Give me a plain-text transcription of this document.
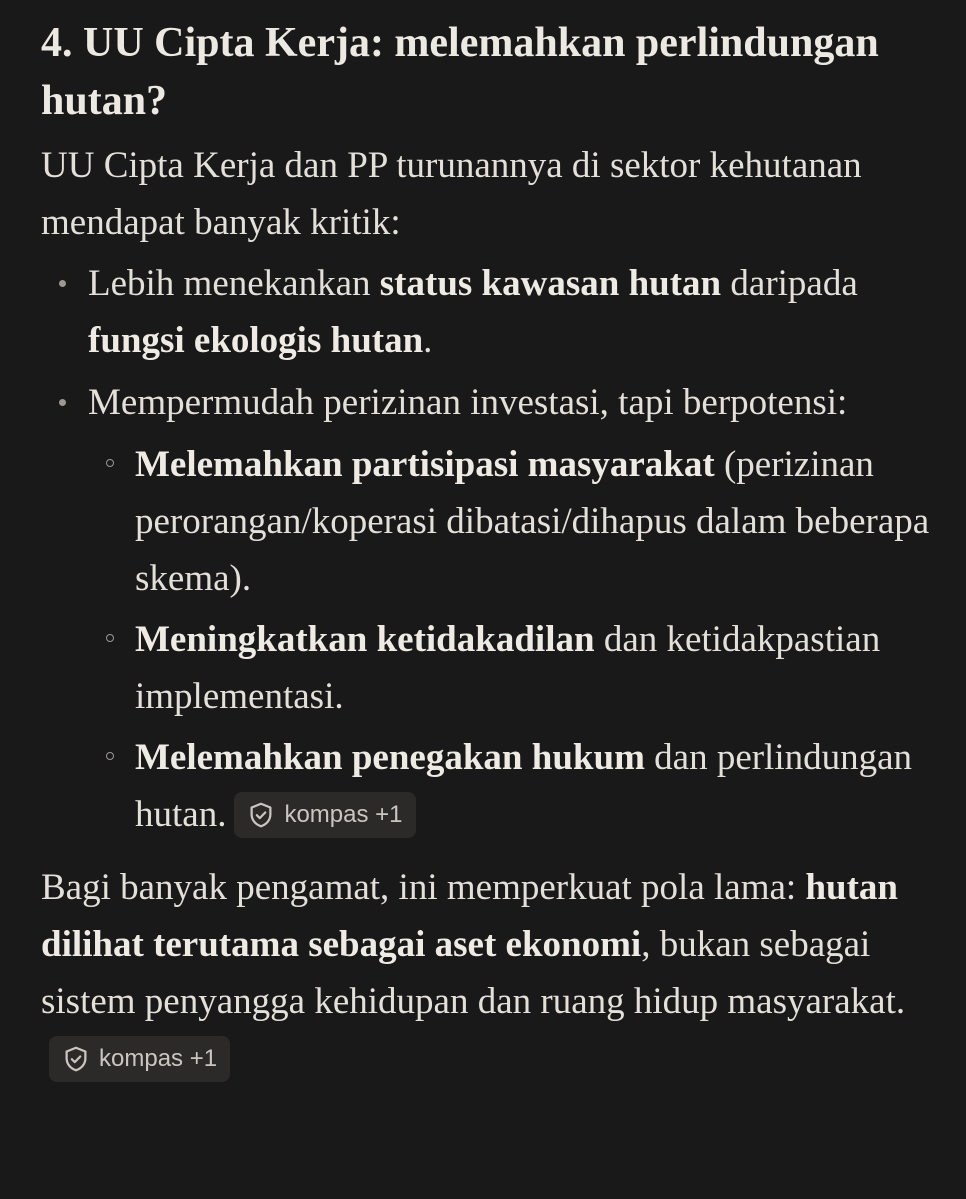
4. UU Cipta Kerja: melemahkan perlindungan hutan?

UU Cipta Kerja dan PP turunannya di sektor kehutanan mendapat banyak kritik:

Lebih menekankan status kawasan hutan daripada fungsi ekologis hutan.
Mempermudah perizinan investasi, tapi berpotensi:
Melemahkan partisipasi masyarakat (perizinan perorangan/koperasi dibatasi/dihapus dalam beberapa skema).
Meningkatkan ketidakadilan dan ketidakpastian implementasi.
Melemahkan penegakan hukum dan perlindungan hutan. kompas +1

Bagi banyak pengamat, ini memperkuat pola lama: hutan dilihat terutama sebagai aset ekonomi, bukan sebagai sistem penyangga kehidupan dan ruang hidup masyarakat.
kompas +1
